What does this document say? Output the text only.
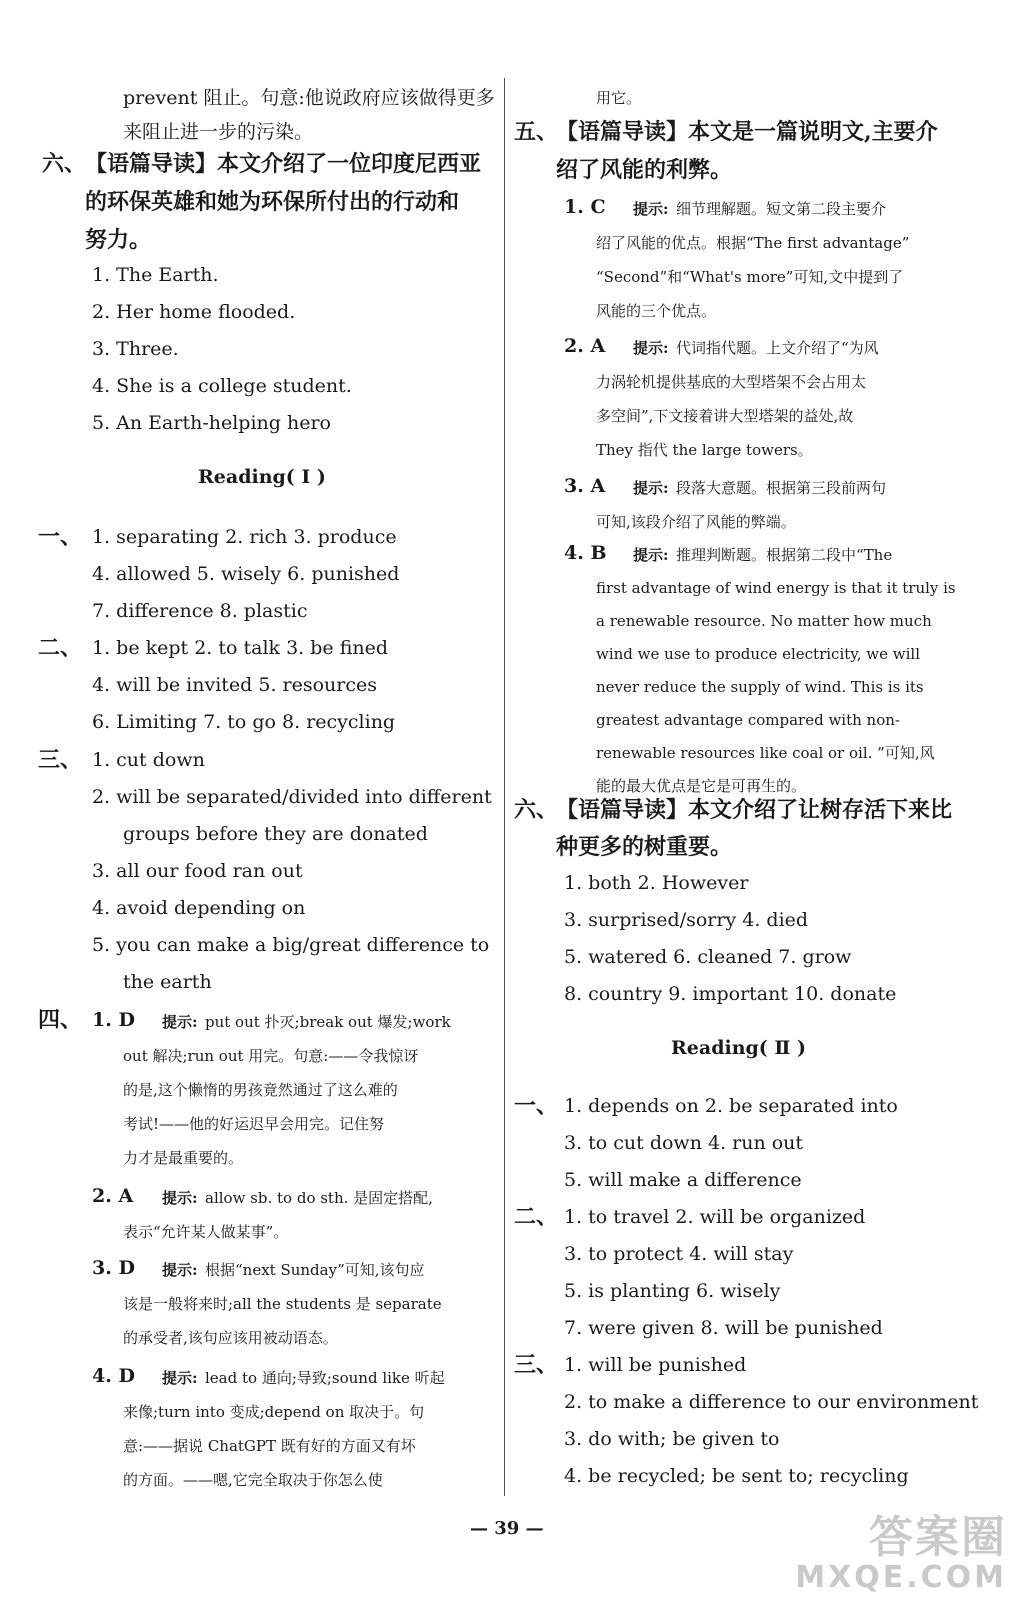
prevent 阻止。句意:他说政府应该做得更多
来阻止进一步的污染。
六、
【语篇导读】本文介绍了一位印度尼西亚
的环保英雄和她为环保所付出的行动和
努力。
1. The Earth.
2. Her home flooded.
3. Three.
4. She is a college student.
5. An Earth-helping hero
Reading( Ⅰ )
一、 1. separating 2. rich 3. produce
4. allowed 5. wisely 6. punished
7. difference 8. plastic
二、 1. be kept 2. to talk 3. be fined
4. will be invited 5. resources
6. Limiting 7. to go 8. recycling
三、 1. cut down
2. will be separated/divided into different
groups before they are donated
3. all our food ran out
4. avoid depending on
5. you can make a big/great difference to
the earth
四、 1. D 提示: put out 扑灭;break out 爆发;work
out 解决;run out 用完。句意:——令我惊讶
的是,这个懒惰的男孩竟然通过了这么难的
考试!——他的好运迟早会用完。记住努
力才是最重要的。
2. A 提示: allow sb. to do sth. 是固定搭配,
表示“允许某人做某事”。
3. D 提示: 根据“next Sunday”可知,该句应
该是一般将来时;all the students 是 separate
的承受者,该句应该用被动语态。
4. D 提示: lead to 通向;导致;sound like 听起
来像;turn into 变成;depend on 取决于。句
意:——据说 ChatGPT 既有好的方面又有坏
的方面。——嗯,它完全取决于你怎么使
用它。
五、
【语篇导读】本文是一篇说明文,主要介
绍了风能的利弊。
1. C 提示: 细节理解题。短文第二段主要介
绍了风能的优点。根据“The first advantage”
“Second”和“What's more”可知,文中提到了
风能的三个优点。
2. A 提示: 代词指代题。上文介绍了“为风
力涡轮机提供基底的大型塔架不会占用太
多空间”,下文接着讲大型塔架的益处,故
They 指代 the large towers。
3. A 提示: 段落大意题。根据第三段前两句
可知,该段介绍了风能的弊端。
4. B 提示: 推理判断题。根据第二段中“The
first advantage of wind energy is that it truly is
a renewable resource. No matter how much
wind we use to produce electricity, we will
never reduce the supply of wind. This is its
greatest advantage compared with non-
renewable resources like coal or oil. ”可知,风
能的最大优点是它是可再生的。
六、
【语篇导读】本文介绍了让树存活下来比
种更多的树重要。
1. both 2. However
3. surprised/sorry 4. died
5. watered 6. cleaned 7. grow
8. country 9. important 10. donate
Reading( Ⅱ )
一、 1. depends on 2. be separated into
3. to cut down 4. run out
5. will make a difference
二、 1. to travel 2. will be organized
3. to protect 4. will stay
5. is planting 6. wisely
7. were given 8. will be punished
三、 1. will be punished
2. to make a difference to our environment
3. do with; be given to
4. be recycled; be sent to; recycling
— 39 —	答案圈
MXQE.COM
